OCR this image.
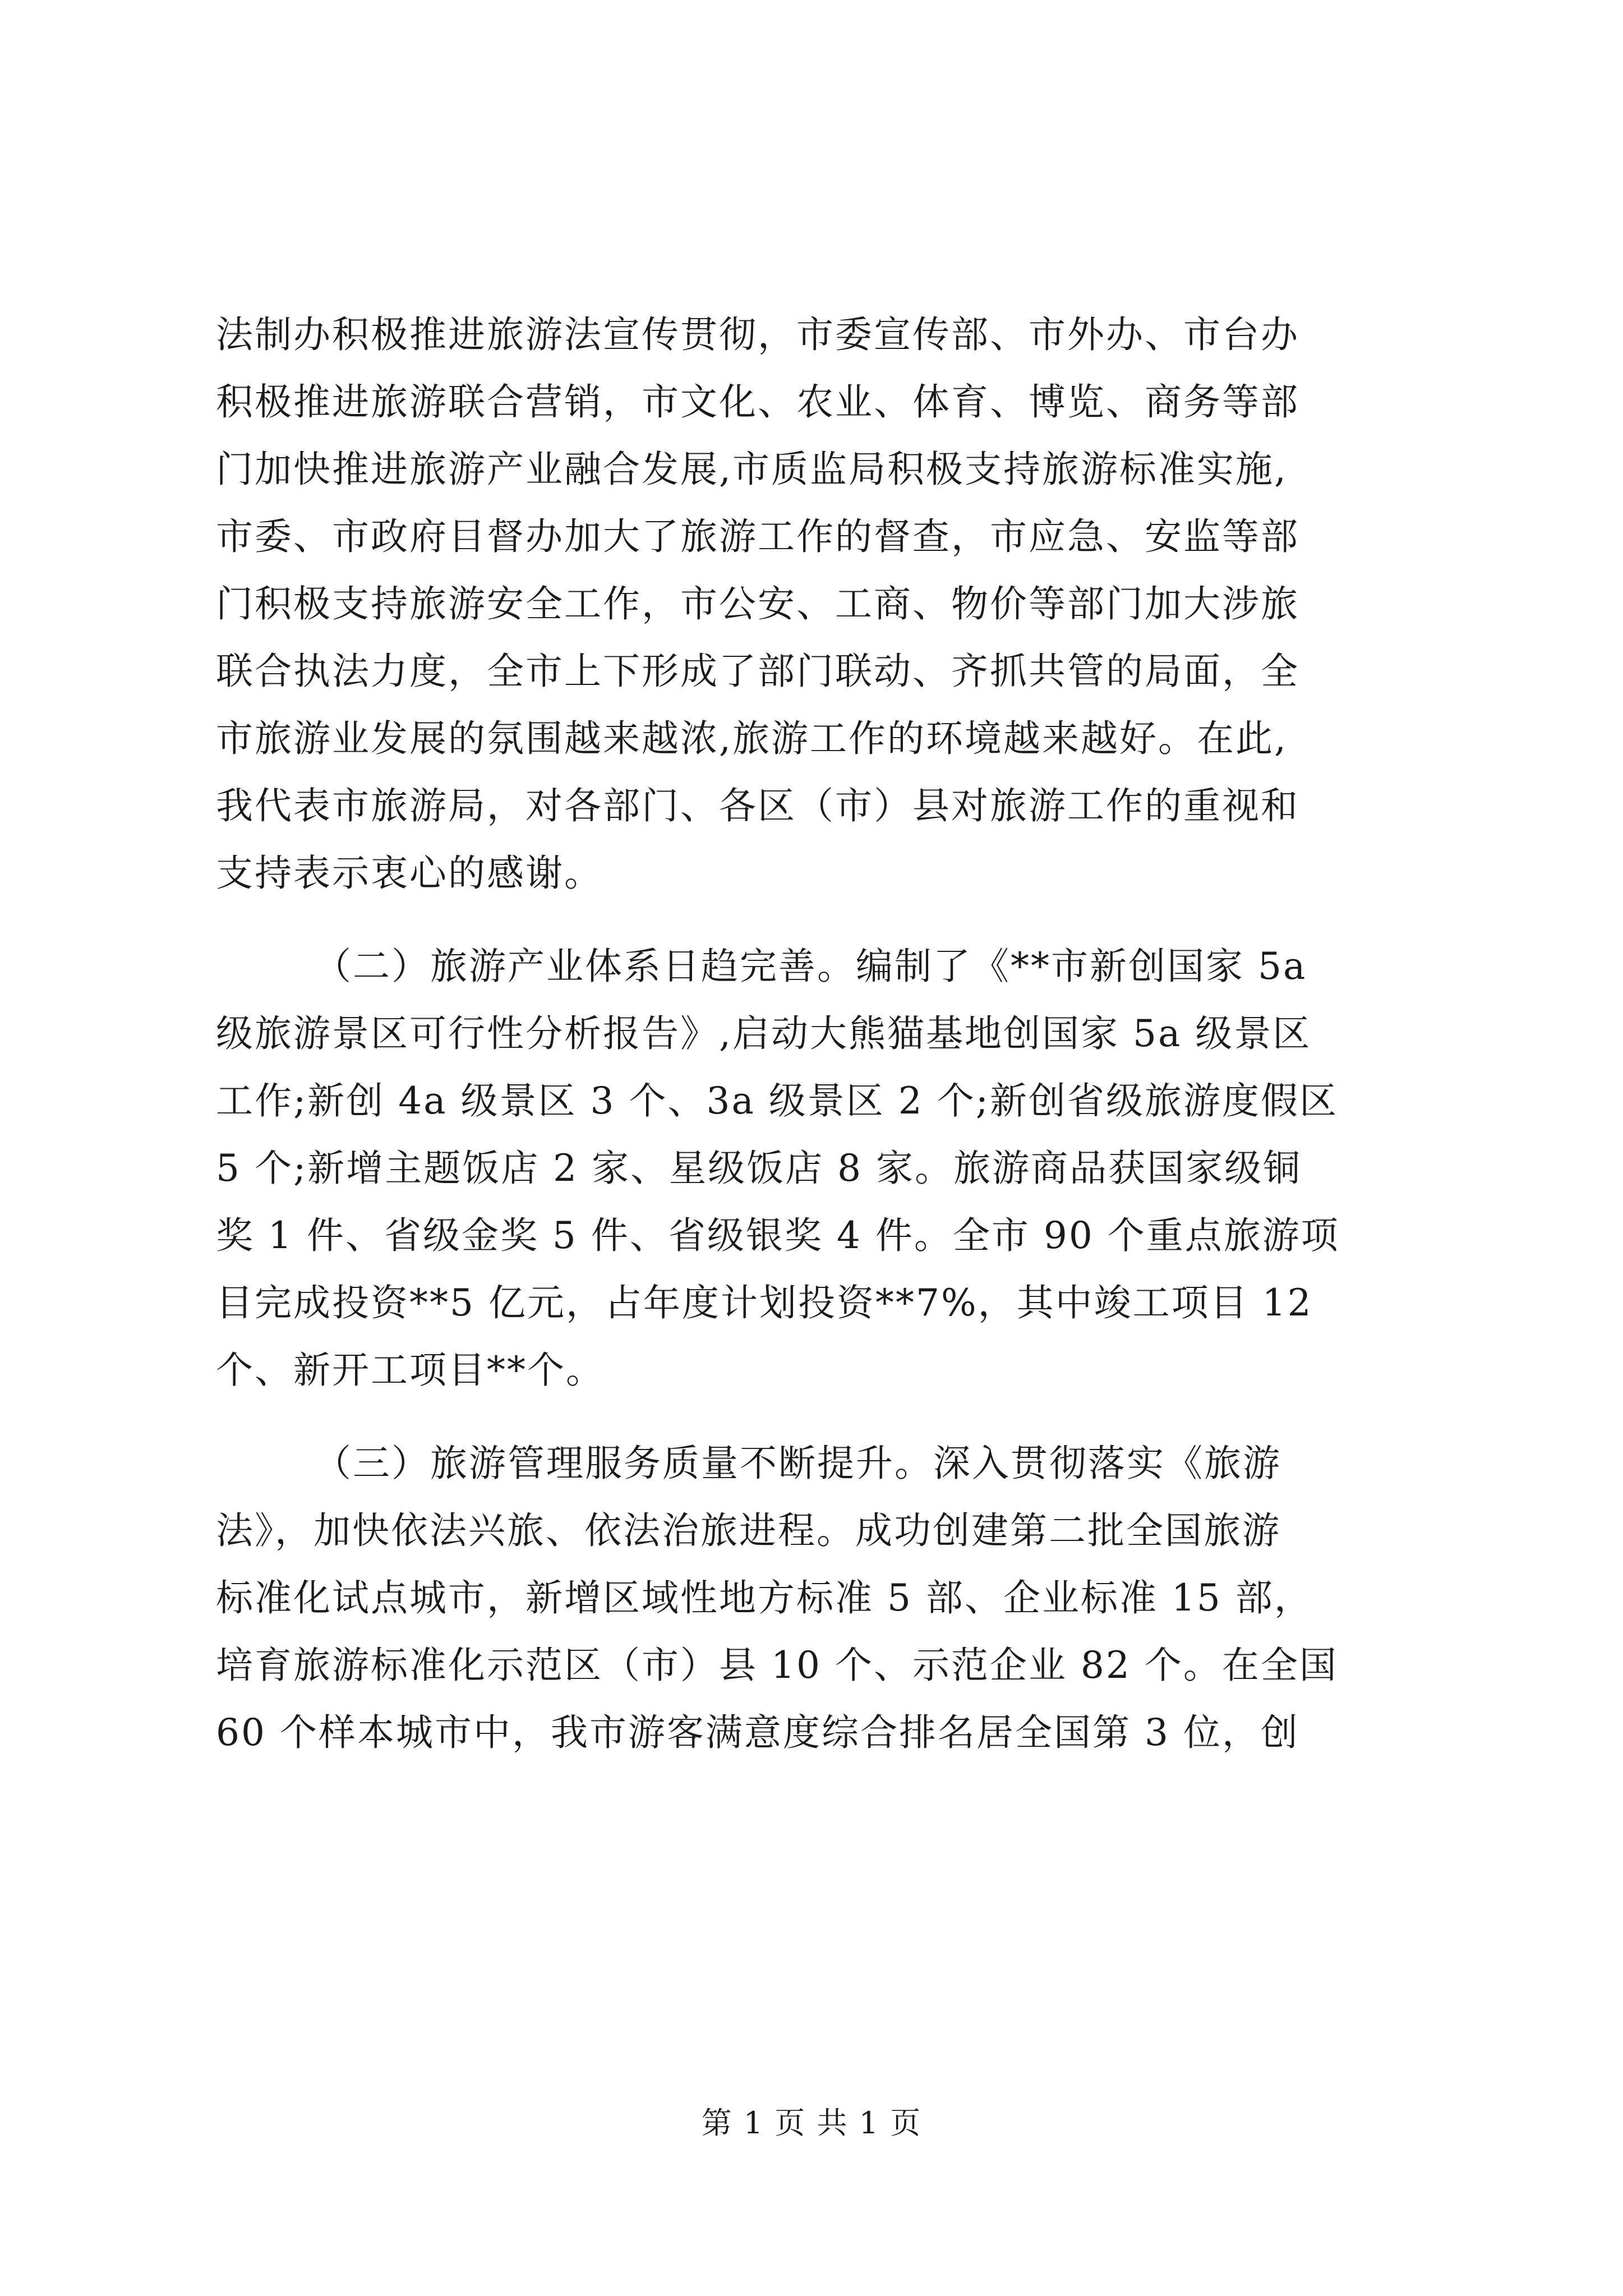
法制办积极推进旅游法宣传贯彻，市委宣传部、市外办、市台办
积极推进旅游联合营销，市文化、农业、体育、博览、商务等部
门加快推进旅游产业融合发展,市质监局积极支持旅游标准实施,
市委、市政府目督办加大了旅游工作的督查，市应急、安监等部
门积极支持旅游安全工作，市公安、工商、物价等部门加大涉旅
联合执法力度，全市上下形成了部门联动、齐抓共管的局面，全
市旅游业发展的氛围越来越浓,旅游工作的环境越来越好。在此,
我代表市旅游局，对各部门、各区（市）县对旅游工作的重视和
支持表示衷心的感谢。
（二）旅游产业体系日趋完善。编制了《**市新创国家 5a
级旅游景区可行性分析报告》,启动大熊猫基地创国家 5a 级景区
工作;新创 4a 级景区 3 个、3a 级景区 2 个;新创省级旅游度假区
5 个;新增主题饭店 2 家、星级饭店 8 家。旅游商品获国家级铜
奖 1 件、省级金奖 5 件、省级银奖 4 件。全市 90 个重点旅游项
目完成投资**5 亿元，占年度计划投资**7%，其中竣工项目 12
个、新开工项目**个。
（三）旅游管理服务质量不断提升。深入贯彻落实《旅游
法》，加快依法兴旅、依法治旅进程。成功创建第二批全国旅游
标准化试点城市，新增区域性地方标准 5 部、企业标准 15 部，
培育旅游标准化示范区（市）县 10 个、示范企业 82 个。在全国
60 个样本城市中，我市游客满意度综合排名居全国第 3 位，创
第 1 页 共 1 页
